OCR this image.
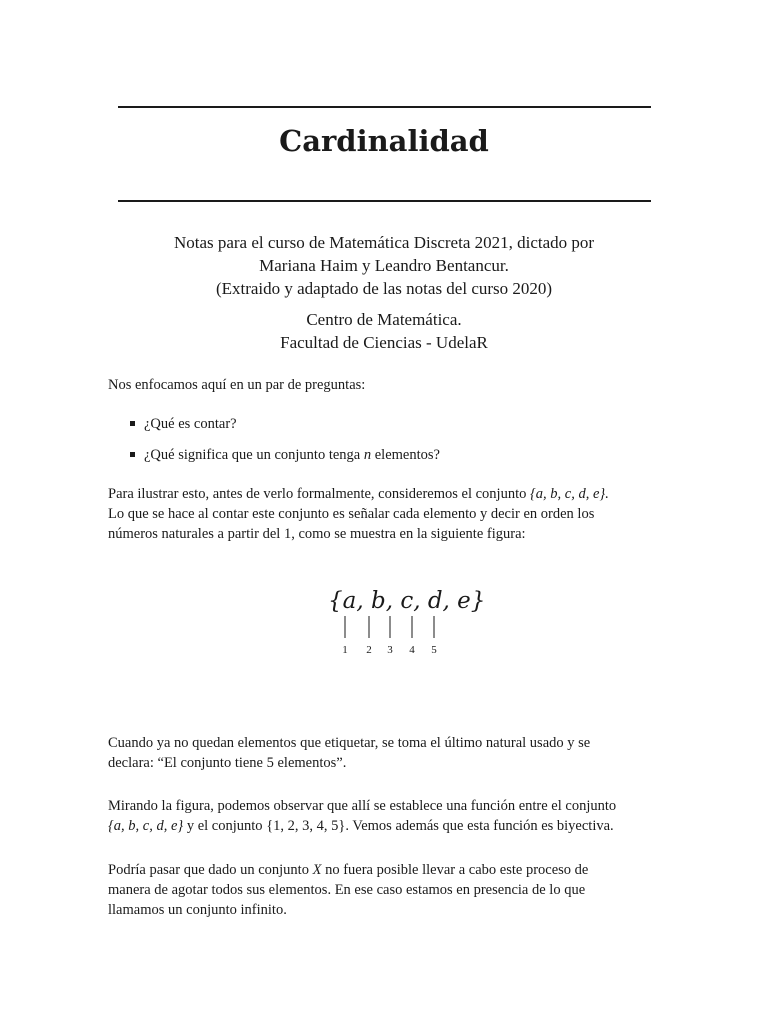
Cardinalidad
Notas para el curso de Matemática Discreta 2021, dictado por
Mariana Haim y Leandro Bentancur.
(Extraido y adaptado de las notas del curso 2020)
Centro de Matemática.
Facultad de Ciencias - UdelaR

Nos enfocamos aquí en un par de preguntas:

¿Qué es contar?
¿Qué significa que un conjunto tenga n elementos?

Para ilustrar esto, antes de verlo formalmente, consideremos el conjunto {a, b, c, d, e}.

Lo que se hace al contar este conjunto es señalar cada elemento y decir en orden los

números naturales a partir del 1, como se muestra en la siguiente figura:

{a, b, c, d, e}
1 2 3 4 5

Cuando ya no quedan elementos que etiquetar, se toma el último natural usado y se

declara: “El conjunto tiene 5 elementos”.

Mirando la figura, podemos observar que allí se establece una función entre el conjunto

{a, b, c, d, e} y el conjunto {1, 2, 3, 4, 5}. Vemos además que esta función es biyectiva.

Podría pasar que dado un conjunto X no fuera posible llevar a cabo este proceso de

manera de agotar todos sus elementos. En ese caso estamos en presencia de lo que

llamamos un conjunto infinito.
